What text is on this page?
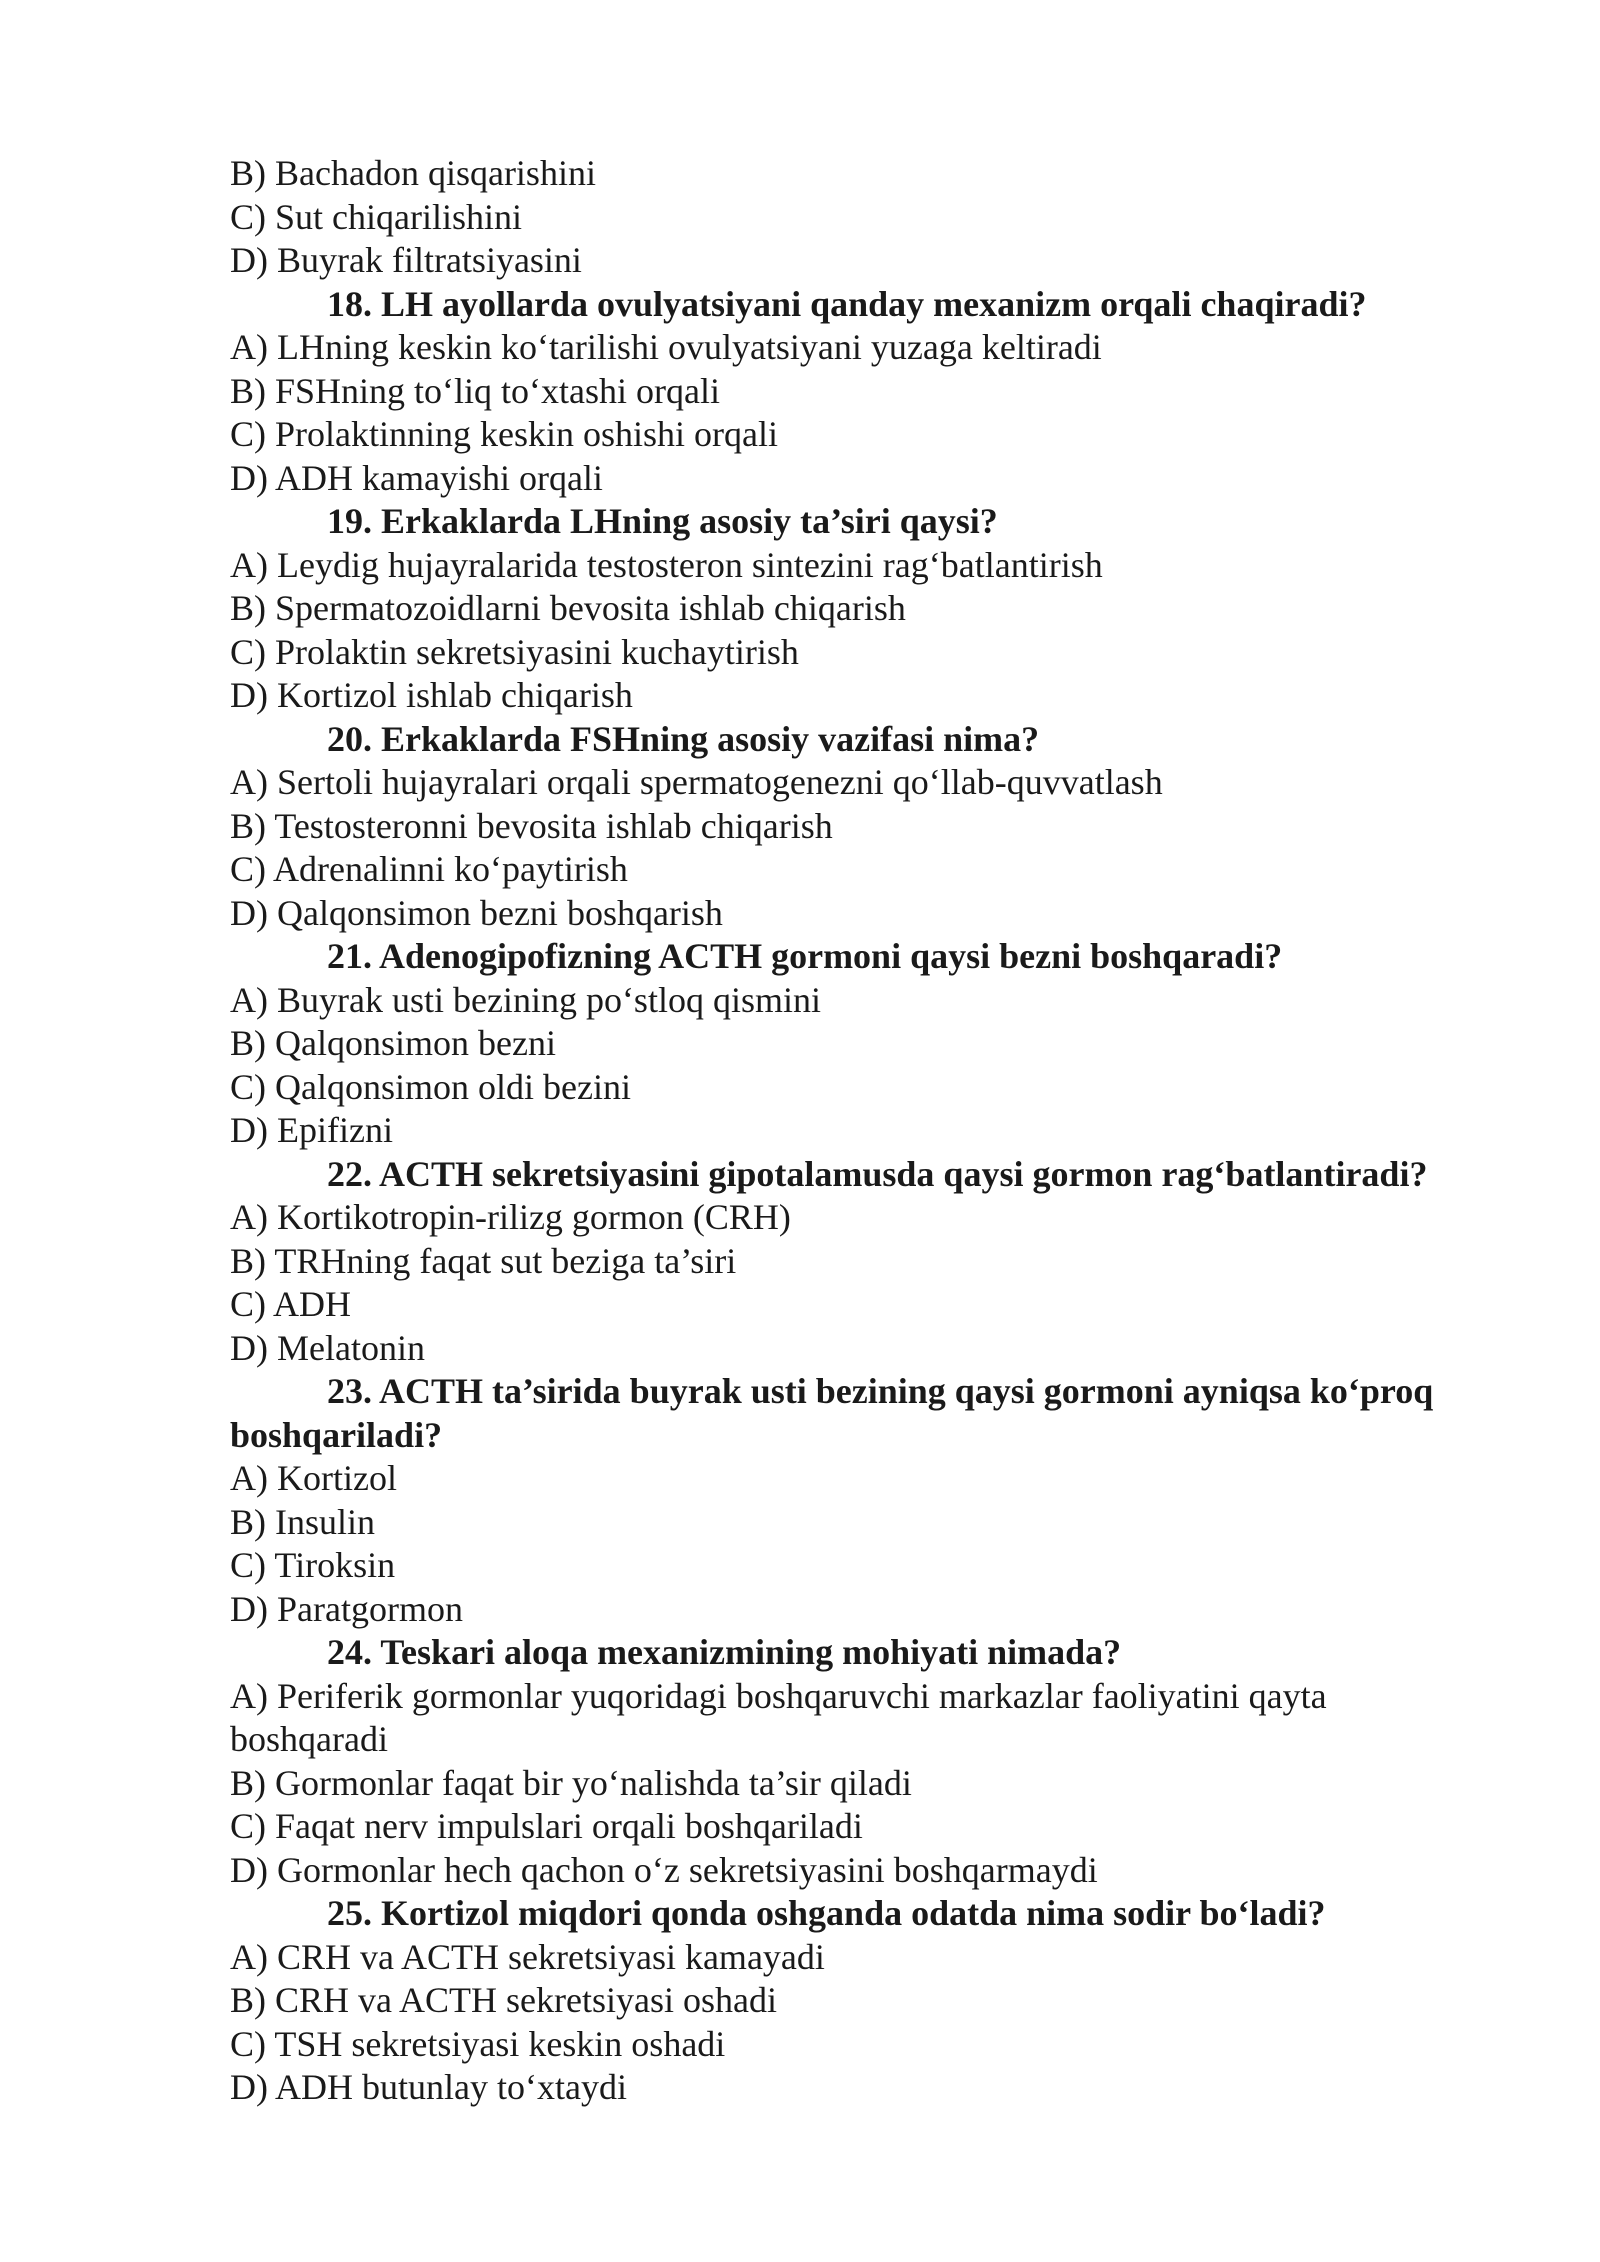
B) Bachadon qisqarishini
C) Sut chiqarilishini
D) Buyrak filtratsiyasini
18. LH ayollarda ovulyatsiyani qanday mexanizm orqali chaqiradi?
A) LHning keskin ko‘tarilishi ovulyatsiyani yuzaga keltiradi
B) FSHning to‘liq to‘xtashi orqali
C) Prolaktinning keskin oshishi orqali
D) ADH kamayishi orqali
19. Erkaklarda LHning asosiy ta’siri qaysi?
A) Leydig hujayralarida testosteron sintezini rag‘batlantirish
B) Spermatozoidlarni bevosita ishlab chiqarish
C) Prolaktin sekretsiyasini kuchaytirish
D) Kortizol ishlab chiqarish
20. Erkaklarda FSHning asosiy vazifasi nima?
A) Sertoli hujayralari orqali spermatogenezni qo‘llab-quvvatlash
B) Testosteronni bevosita ishlab chiqarish
C) Adrenalinni ko‘paytirish
D) Qalqonsimon bezni boshqarish
21. Adenogipofizning ACTH gormoni qaysi bezni boshqaradi?
A) Buyrak usti bezining po‘stloq qismini
B) Qalqonsimon bezni
C) Qalqonsimon oldi bezini
D) Epifizni
22. ACTH sekretsiyasini gipotalamusda qaysi gormon rag‘batlantiradi?
A) Kortikotropin-rilizg gormon (CRH)
B) TRHning faqat sut beziga ta’siri
C) ADH
D) Melatonin
23. ACTH ta’sirida buyrak usti bezining qaysi gormoni ayniqsa ko‘proq boshqariladi?
A) Kortizol
B) Insulin
C) Tiroksin
D) Paratgormon
24. Teskari aloqa mexanizmining mohiyati nimada?
A) Periferik gormonlar yuqoridagi boshqaruvchi markazlar faoliyatini qayta boshqaradi
B) Gormonlar faqat bir yo‘nalishda ta’sir qiladi
C) Faqat nerv impulslari orqali boshqariladi
D) Gormonlar hech qachon o‘z sekretsiyasini boshqarmaydi
25. Kortizol miqdori qonda oshganda odatda nima sodir bo‘ladi?
A) CRH va ACTH sekretsiyasi kamayadi
B) CRH va ACTH sekretsiyasi oshadi
C) TSH sekretsiyasi keskin oshadi
D) ADH butunlay to‘xtaydi
